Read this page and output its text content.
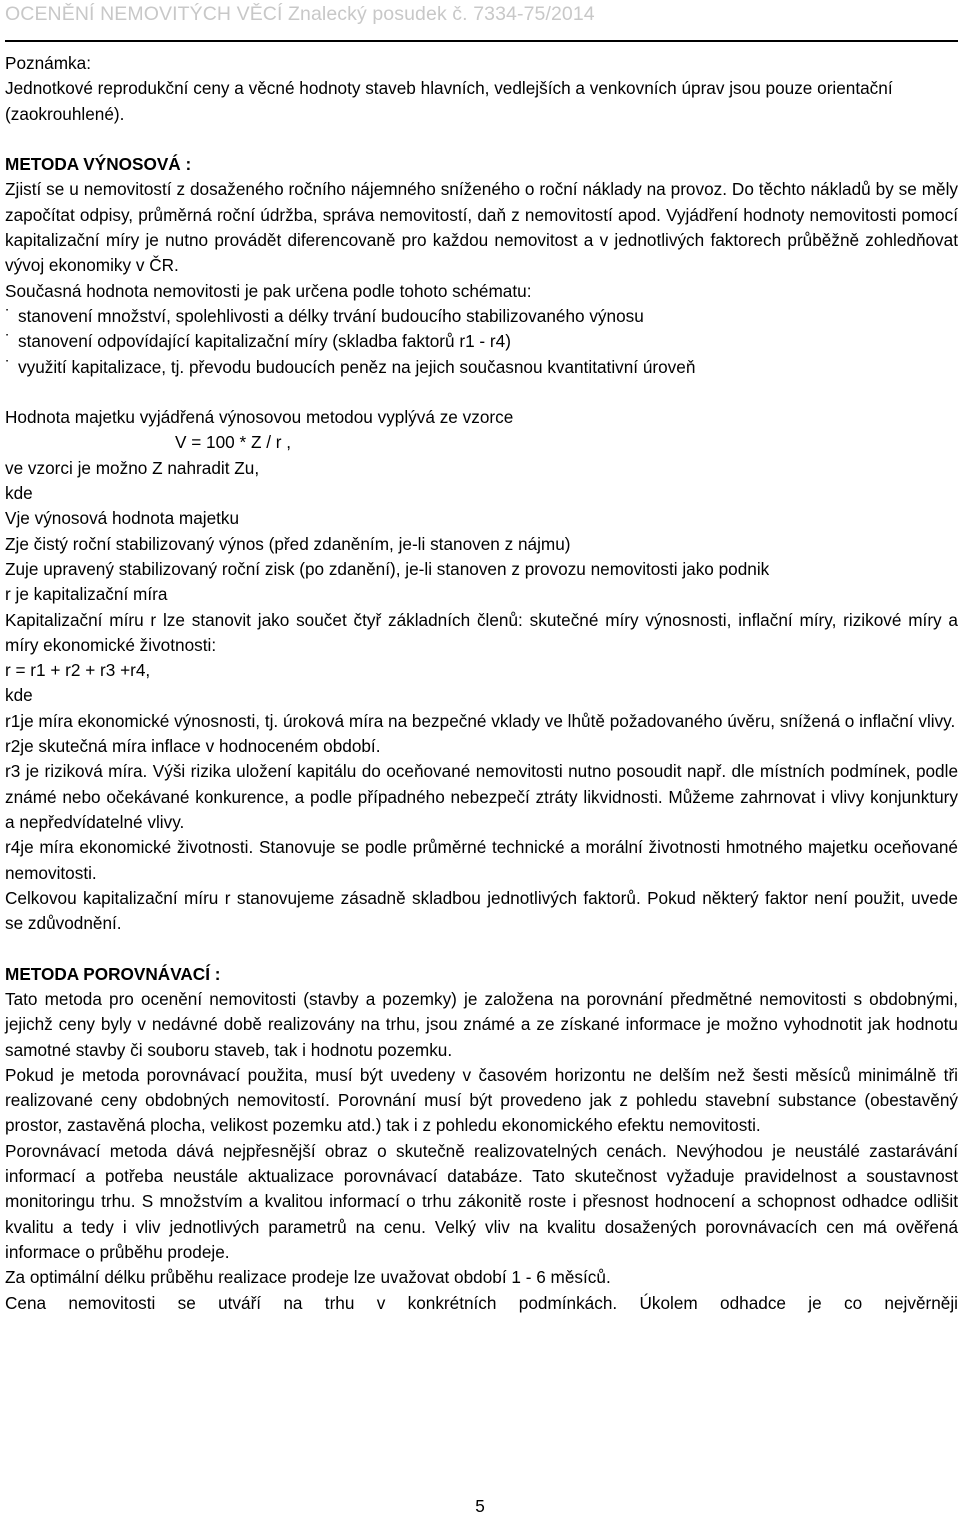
OCENĚNÍ NEMOVITÝCH VĚCÍ Znalecký posudek č. 7334-75/2014

Poznámka:

Jednotkové reprodukční ceny a věcné hodnoty staveb hlavních, vedlejších a venkovních úprav jsou pouze orientační (zaokrouhlené).

METODA VÝNOSOVÁ :

Zjistí se u nemovitostí z dosaženého ročního nájemného sníženého o roční náklady na provoz. Do těchto nákladů by se měly započítat odpisy, průměrná roční údržba, správa nemovitostí, daň z nemovitostí apod. Vyjádření hodnoty nemovitosti pomocí kapitalizační míry je nutno provádět diferencovaně pro každou nemovitost a v jednotlivých faktorech průběžně zohledňovat vývoj ekonomiky v ČR.

Současná hodnota nemovitosti je pak určena podle tohoto schématu:

˙ stanovení množství, spolehlivosti a délky trvání budoucího stabilizovaného výnosu
˙ stanovení odpovídající kapitalizační míry (skladba faktorů r1 - r4)
˙ využití kapitalizace, tj. převodu budoucích peněz na jejich současnou kvantitativní úroveň

Hodnota majetku vyjádřená výnosovou metodou vyplývá ze vzorce

V = 100 * Z / r ,

ve vzorci je možno Z nahradit Zu,

kde

Vje výnosová hodnota majetku

Zje čistý roční stabilizovaný výnos (před zdaněním, je-li stanoven z nájmu)

Zuje upravený stabilizovaný roční zisk (po zdanění), je-li stanoven z provozu nemovitosti jako podnik

r je kapitalizační míra

Kapitalizační míru r lze stanovit jako součet čtyř základních členů: skutečné míry výnosnosti, inflační míry, rizikové míry a míry ekonomické životnosti:

r = r1 + r2 + r3 +r4,

kde

r1je míra ekonomické výnosnosti, tj. úroková míra na bezpečné vklady ve lhůtě požadovaného úvěru, snížená o inflační vlivy.

r2je skutečná míra inflace v hodnoceném období.

r3 je riziková míra. Výši rizika uložení kapitálu do oceňované nemovitosti nutno posoudit např. dle místních podmínek, podle známé nebo očekávané konkurence, a podle případného nebezpečí ztráty likvidnosti. Můžeme zahrnovat i vlivy konjunktury a nepředvídatelné vlivy.

r4je míra ekonomické životnosti. Stanovuje se podle průměrné technické a morální životnosti hmotného majetku oceňované nemovitosti.

Celkovou kapitalizační míru r stanovujeme zásadně skladbou jednotlivých faktorů. Pokud některý faktor není použit, uvede se zdůvodnění.

METODA POROVNÁVACÍ :

Tato metoda pro ocenění nemovitosti (stavby a pozemky) je založena na porovnání předmětné nemovitosti s obdobnými, jejichž ceny byly v nedávné době realizovány na trhu, jsou známé a ze získané informace je možno vyhodnotit jak hodnotu samotné stavby či souboru staveb, tak i hodnotu pozemku.

Pokud je metoda porovnávací použita, musí být uvedeny v časovém horizontu ne delším než šesti měsíců minimálně tři realizované ceny obdobných nemovitostí. Porovnání musí být provedeno jak z pohledu stavební substance (obestavěný prostor, zastavěná plocha, velikost pozemku atd.) tak i z pohledu ekonomického efektu nemovitosti.

Porovnávací metoda dává nejpřesnější obraz o skutečně realizovatelných cenách. Nevýhodou je neustálé zastarávání informací a potřeba neustále aktualizace porovnávací databáze. Tato skutečnost vyžaduje pravidelnost a soustavnost monitoringu trhu. S množstvím a kvalitou informací o trhu zákonitě roste i přesnost hodnocení a schopnost odhadce odlišit kvalitu a tedy i vliv jednotlivých parametrů na cenu. Velký vliv na kvalitu dosažených porovnávacích cen má ověřená informace o průběhu prodeje.

Za optimální délku průběhu realizace prodeje lze uvažovat období 1 - 6 měsíců.

Cena nemovitosti se utváří na trhu v konkrétních podmínkách. Úkolem odhadce je co nejvěrněji

5
